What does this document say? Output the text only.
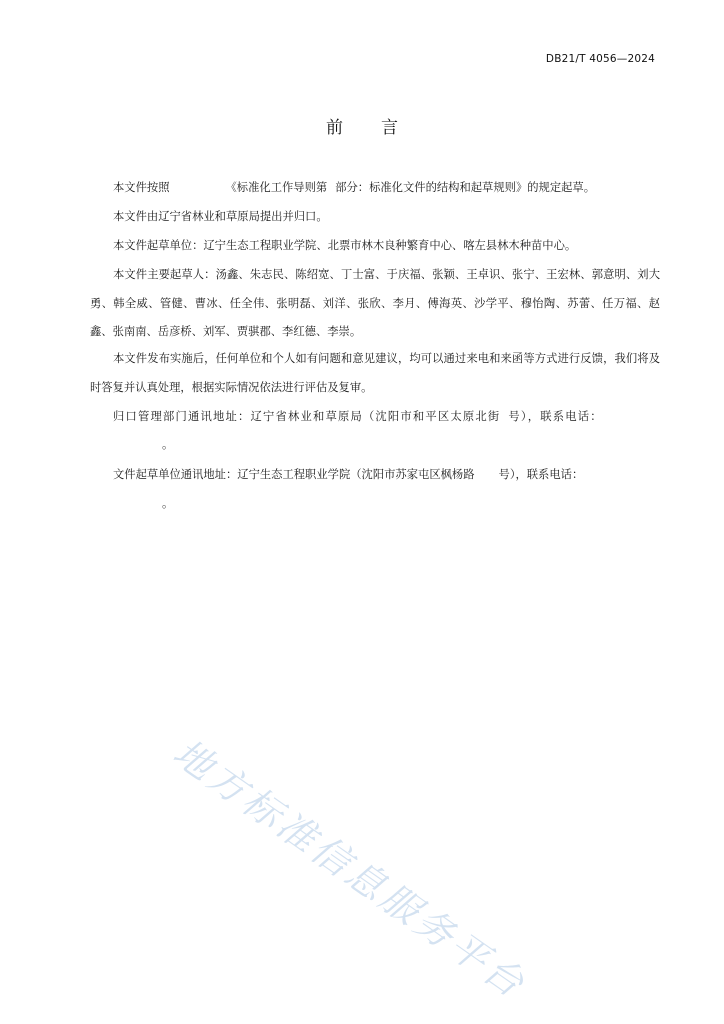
DB21/T 4056—2024
前言

本文件按照	《标准化工作导则第 部分：标准化文件的结构和起草规则》的规定起草。

本文件由辽宁省林业和草原局提出并归口。

本文件起草单位：辽宁生态工程职业学院、北票市林木良种繁育中心、喀左县林木种苗中心。

本文件主要起草人：汤鑫、朱志民、陈绍宽、丁士富、于庆福、张颖、王卓识、张宁、王宏林、郭意明、刘大勇、韩全威、管健、曹冰、任全伟、张明磊、刘洋、张欣、李月、傅海英、沙学平、穆怡陶、苏蕾、任万福、赵鑫、张南南、岳彦桥、刘军、贾骐郡、李红德、李崇。

本文件发布实施后，任何单位和个人如有问题和意见建议，均可以通过来电和来函等方式进行反馈，我们将及时答复并认真处理，根据实际情况依法进行评估及复审。

归口管理部门通讯地址：辽宁省林业和草原局（沈阳市和平区太原北街 号），联系电话：

。

文件起草单位通讯地址：辽宁生态工程职业学院（沈阳市苏家屯区枫杨路 号），联系电话：

。

地方标准信息服务平台
